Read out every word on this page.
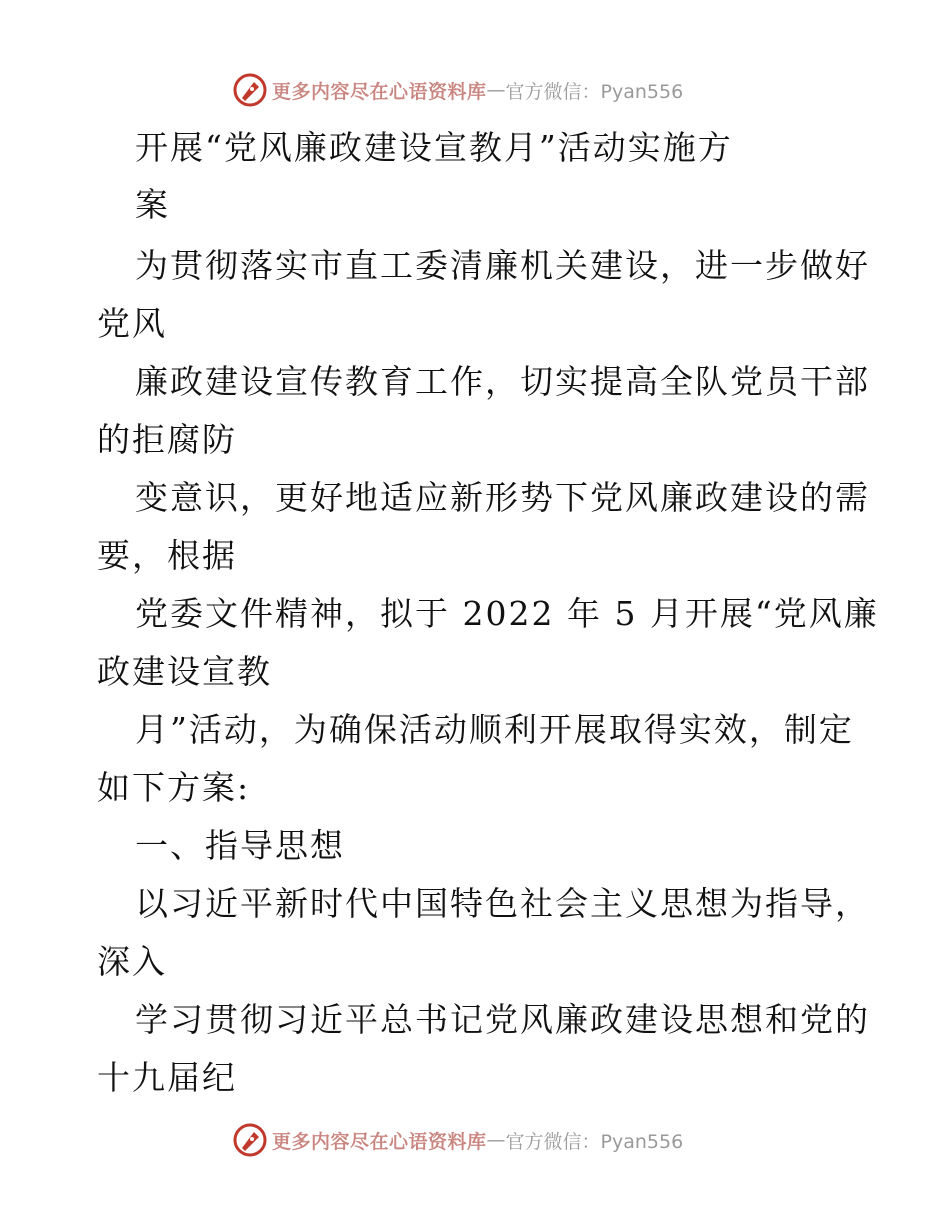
更多内容尽在心语资料库 — 官方微信：Pyan556
开展“党风廉政建设宣教月”活动实施方
案
为贯彻落实市直工委清廉机关建设，进一步做好
党风
廉政建设宣传教育工作，切实提高全队党员干部
的拒腐防
变意识，更好地适应新形势下党风廉政建设的需
要，根据
党委文件精神，拟于 2022 年 5 月开展“党风廉
政建设宣教
月”活动，为确保活动顺利开展取得实效，制定
如下方案:
一、指导思想
以习近平新时代中国特色社会主义思想为指导，
深入
学习贯彻习近平总书记党风廉政建设思想和党的
十九届纪
更多内容尽在心语资料库 — 官方微信：Pyan556
